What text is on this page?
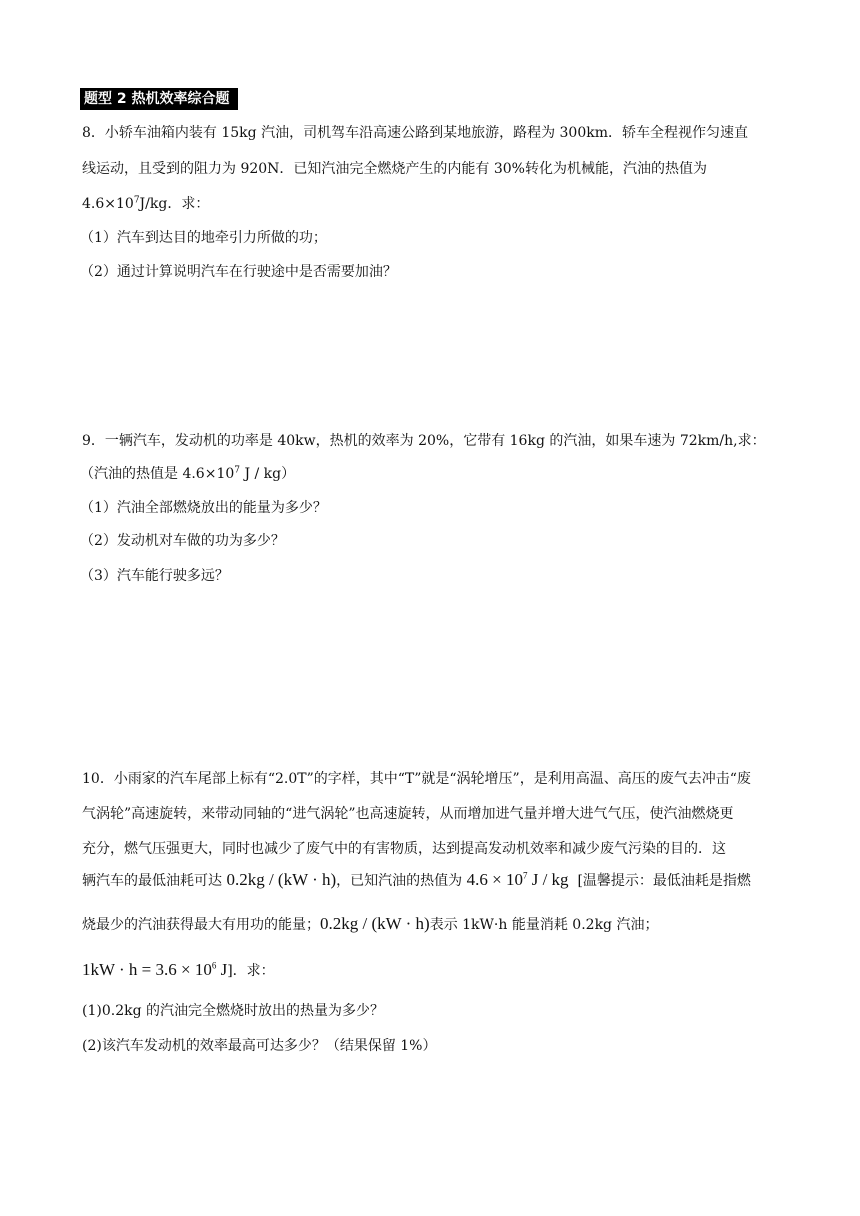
题型 2 热机效率综合题
8．小轿车油箱内装有 15kg 汽油，司机驾车沿高速公路到某地旅游，路程为 300km．轿车全程视作匀速直
线运动，且受到的阻力为 920N．已知汽油完全燃烧产生的内能有 30%转化为机械能，汽油的热值为
$4.6\times 10^7J/kg$．求：
（1）汽车到达目的地牵引力所做的功；
（2）通过计算说明汽车在行驶途中是否需要加油？
9．一辆汽车，发动机的功率是 40kw，热机的效率为 20%，它带有 16kg 的汽油，如果车速为 72km/h,求：
（汽油的热值是 $4.6\times 10^7$ J / kg）
（1）汽油全部燃烧放出的能量为多少？
（2）发动机对车做的功为多少？
（3）汽车能行驶多远？
10．小雨家的汽车尾部上标有“2.0T”的字样，其中“T”就是“涡轮增压”，是利用高温、高压的废气去冲击“废
气涡轮”高速旋转，来带动同轴的“进气涡轮”也高速旋转，从而增加进气量并增大进气气压，使汽油燃烧更
充分，燃气压强更大，同时也减少了废气中的有害物质，达到提高发动机效率和减少废气污染的目的．这
辆汽车的最低油耗可达 0.2kg / (kW · h)，已知汽油的热值为 $4.6 \times 10^7$ J / kg  [温馨提示：最低油耗是指燃
烧最少的汽油获得最大有用功的能量；0.2kg / (kW · h)表示 1kW·h 能量消耗 0.2kg 汽油；
$1kW \cdot h = 3.6 \times 10^6$ J]．求：
(1)0.2kg 的汽油完全燃烧时放出的热量为多少？
(2)该汽车发动机的效率最高可达多少？（结果保留 1%）
